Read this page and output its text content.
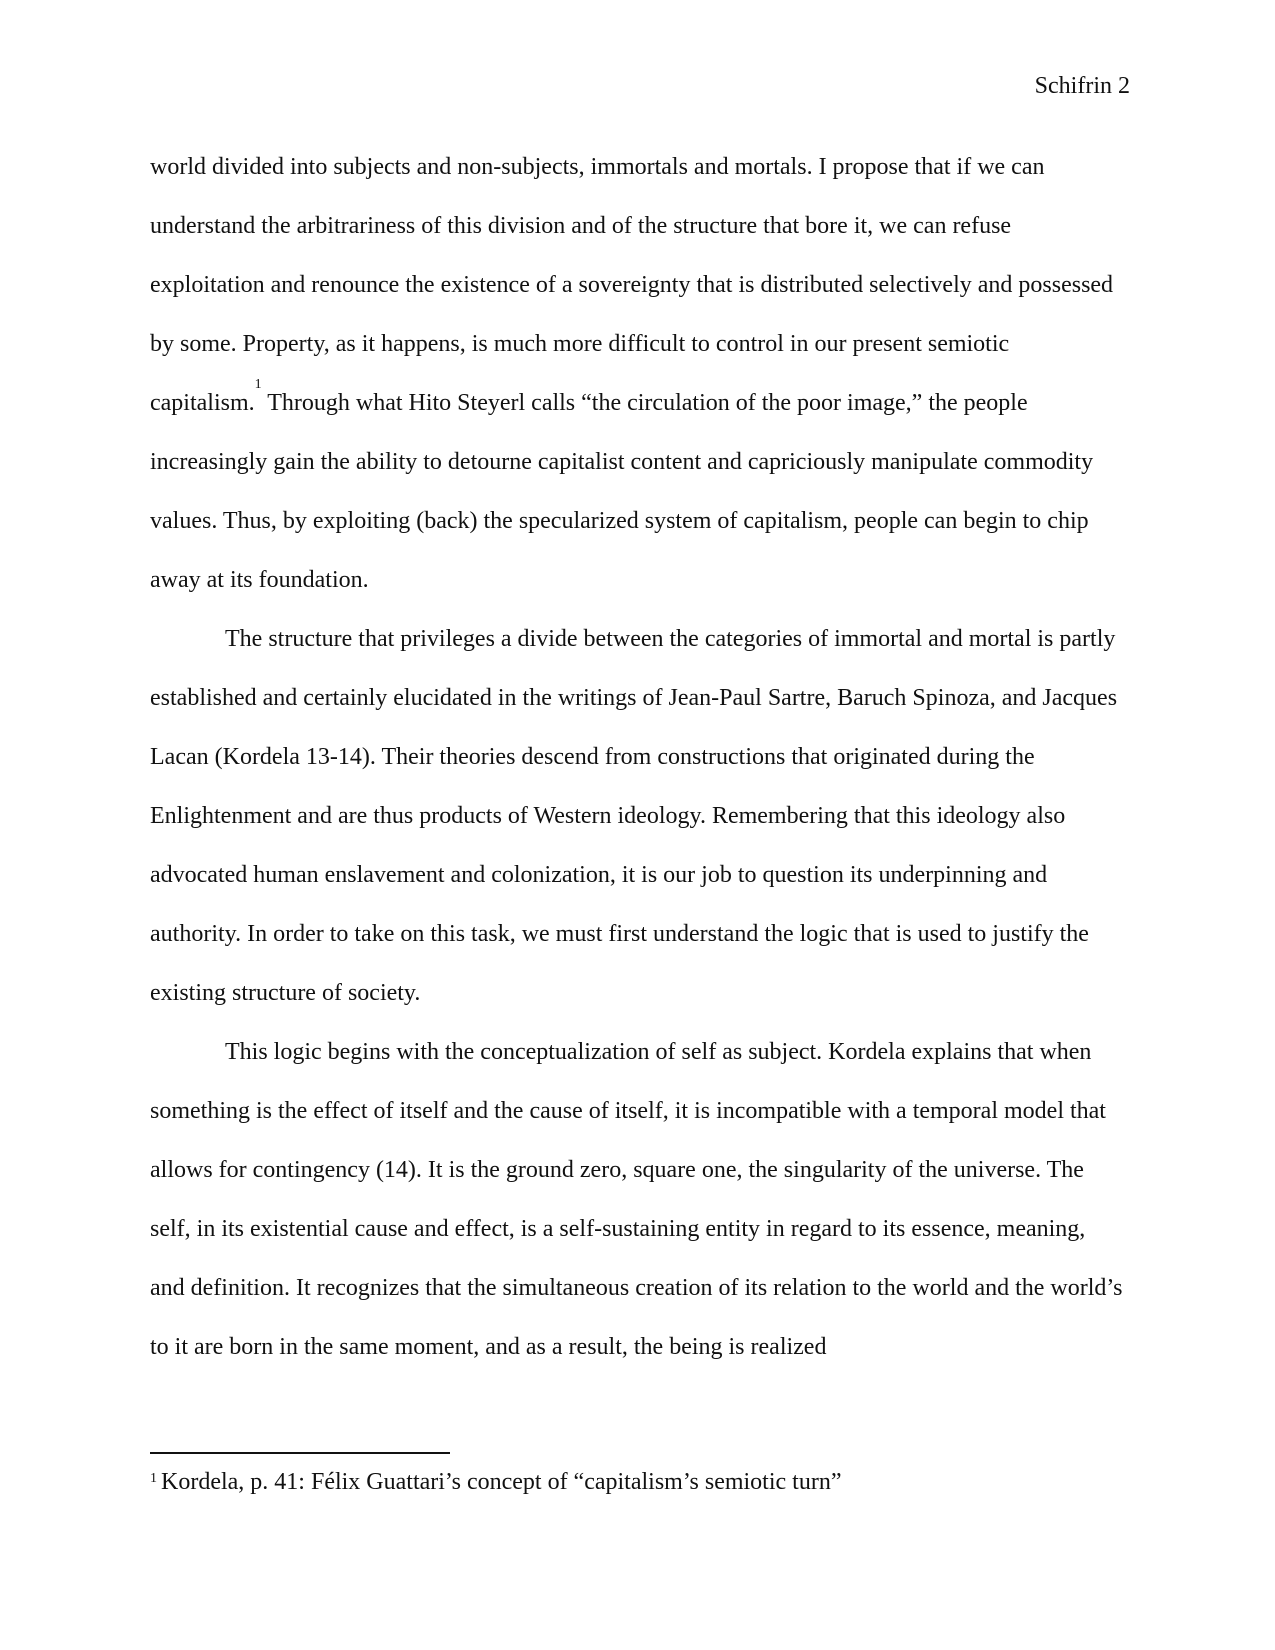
Schifrin 2

world divided into subjects and non-subjects, immortals and mortals. I propose that if we can understand the arbitrariness of this division and of the structure that bore it, we can refuse exploitation and renounce the existence of a sovereignty that is distributed selectively and possessed by some. Property, as it happens, is much more difficult to control in our present semiotic capitalism.$^1$ Through what Hito Steyerl calls “the circulation of the poor image,” the people increasingly gain the ability to detourne capitalist content and capriciously manipulate commodity values. Thus, by exploiting (back) the specularized system of capitalism, people can begin to chip away at its foundation.

The structure that privileges a divide between the categories of immortal and mortal is partly established and certainly elucidated in the writings of Jean-Paul Sartre, Baruch Spinoza, and Jacques Lacan (Kordela 13-14). Their theories descend from constructions that originated during the Enlightenment and are thus products of Western ideology. Remembering that this ideology also advocated human enslavement and colonization, it is our job to question its underpinning and authority. In order to take on this task, we must first understand the logic that is used to justify the existing structure of society.

This logic begins with the conceptualization of self as subject. Kordela explains that when something is the effect of itself and the cause of itself, it is incompatible with a temporal model that allows for contingency (14). It is the ground zero, square one, the singularity of the universe. The self, in its existential cause and effect, is a self-sustaining entity in regard to its essence, meaning, and definition. It recognizes that the simultaneous creation of its relation to the world and the world’s to it are born in the same moment, and as a result, the being is realized

$^1$ Kordela, p. 41: Félix Guattari’s concept of “capitalism’s semiotic turn”
